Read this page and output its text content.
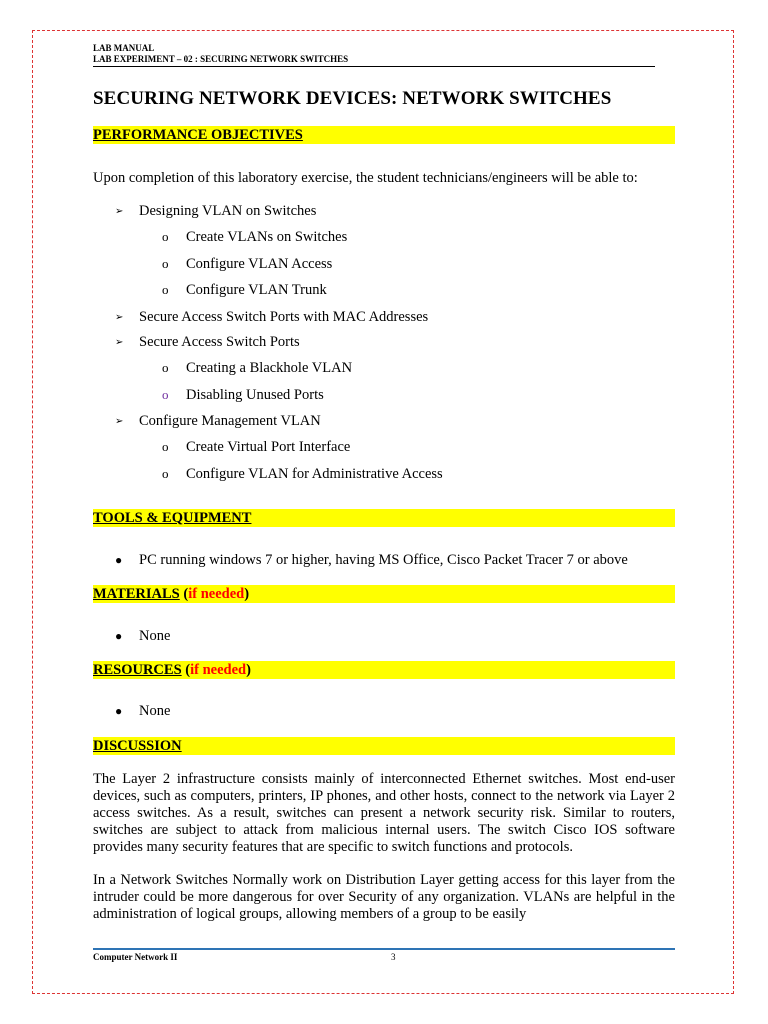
LAB MANUAL
LAB EXPERIMENT – 02 : SECURING NETWORK SWITCHES
SECURING NETWORK DEVICES: NETWORK SWITCHES
PERFORMANCE OBJECTIVES
Upon completion of this laboratory exercise, the student technicians/engineers will be able to:
➢ Designing VLAN on Switches
o Create VLANs on Switches
o Configure VLAN Access
o Configure VLAN Trunk
➢ Secure Access Switch Ports with MAC Addresses
➢ Secure Access Switch Ports
o Creating a Blackhole VLAN
o Disabling Unused Ports
➢ Configure Management VLAN
o Create Virtual Port Interface
o Configure VLAN for Administrative Access
TOOLS & EQUIPMENT
● PC running windows 7 or higher, having MS Office, Cisco Packet Tracer 7 or above
MATERIALS (if needed)
● None
RESOURCES (if needed)
● None
DISCUSSION
The Layer 2 infrastructure consists mainly of interconnected Ethernet switches. Most end-user devices, such as computers, printers, IP phones, and other hosts, connect to the network via Layer 2 access switches. As a result, switches can present a network security risk. Similar to routers, switches are subject to attack from malicious internal users. The switch Cisco IOS software provides many security features that are specific to switch functions and protocols.
In a Network Switches Normally work on Distribution Layer getting access for this layer from the intruder could be more dangerous for over Security of any organization. VLANs are helpful in the administration of logical groups, allowing members of a group to be easily
Computer Network II	3
